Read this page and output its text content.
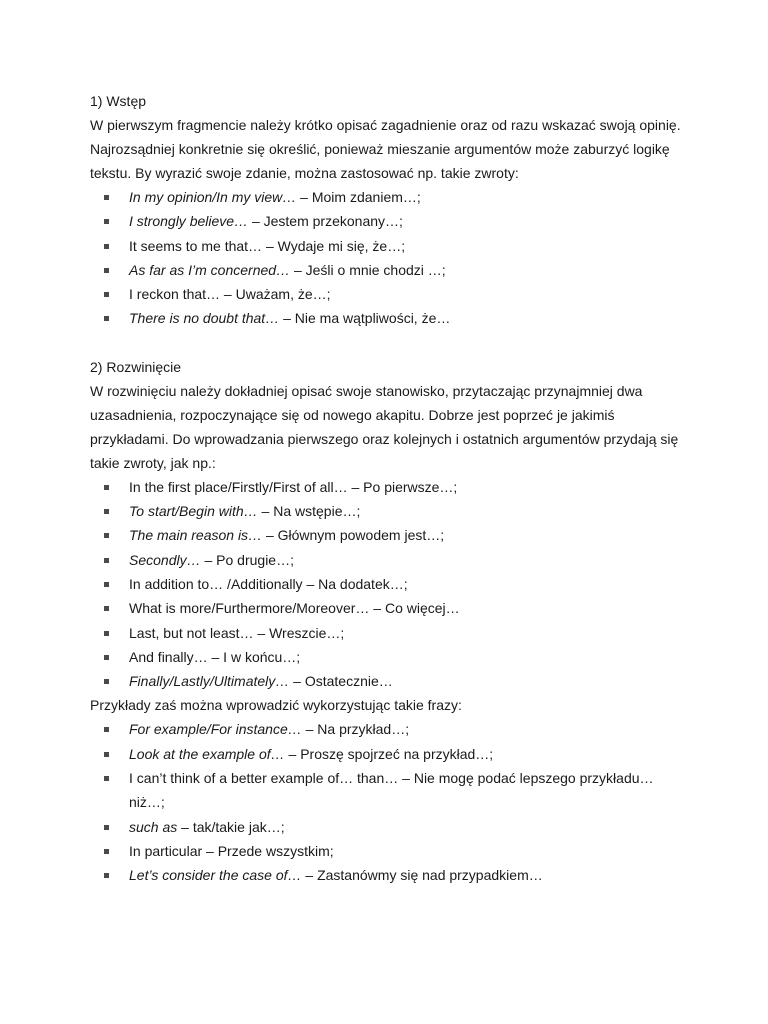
1) Wstęp
W pierwszym fragmencie należy krótko opisać zagadnienie oraz od razu wskazać swoją opinię.
Najrozsądniej konkretnie się określić, ponieważ mieszanie argumentów może zaburzyć logikę
tekstu. By wyrazić swoje zdanie, można zastosować np. takie zwroty:
In my opinion/In my view… – Moim zdaniem…;
I strongly believe… – Jestem przekonany…;
It seems to me that… – Wydaje mi się, że…;
As far as I’m concerned… – Jeśli o mnie chodzi …;
I reckon that… – Uważam, że…;
There is no doubt that… – Nie ma wątpliwości, że…
2) Rozwinięcie
W rozwinięciu należy dokładniej opisać swoje stanowisko, przytaczając przynajmniej dwa
uzasadnienia, rozpoczynające się od nowego akapitu. Dobrze jest poprzeć je jakimiś
przykładami. Do wprowadzania pierwszego oraz kolejnych i ostatnich argumentów przydają się
takie zwroty, jak np.:
In the first place/Firstly/First of all… – Po pierwsze…;
To start/Begin with… – Na wstępie…;
The main reason is… – Głównym powodem jest…;
Secondly… – Po drugie…;
In addition to… /Additionally – Na dodatek…;
What is more/Furthermore/Moreover… – Co więcej…
Last, but not least… – Wreszcie…;
And finally… – I w końcu…;
Finally/Lastly/Ultimately… – Ostatecznie…
Przykłady zaś można wprowadzić wykorzystując takie frazy:
For example/For instance… – Na przykład…;
Look at the example of… – Proszę spojrzeć na przykład…;
I can’t think of a better example of… than… – Nie mogę podać lepszego przykładu…
niż…;
such as – tak/takie jak…;
In particular – Przede wszystkim;
Let’s consider the case of… – Zastanówmy się nad przypadkiem…
